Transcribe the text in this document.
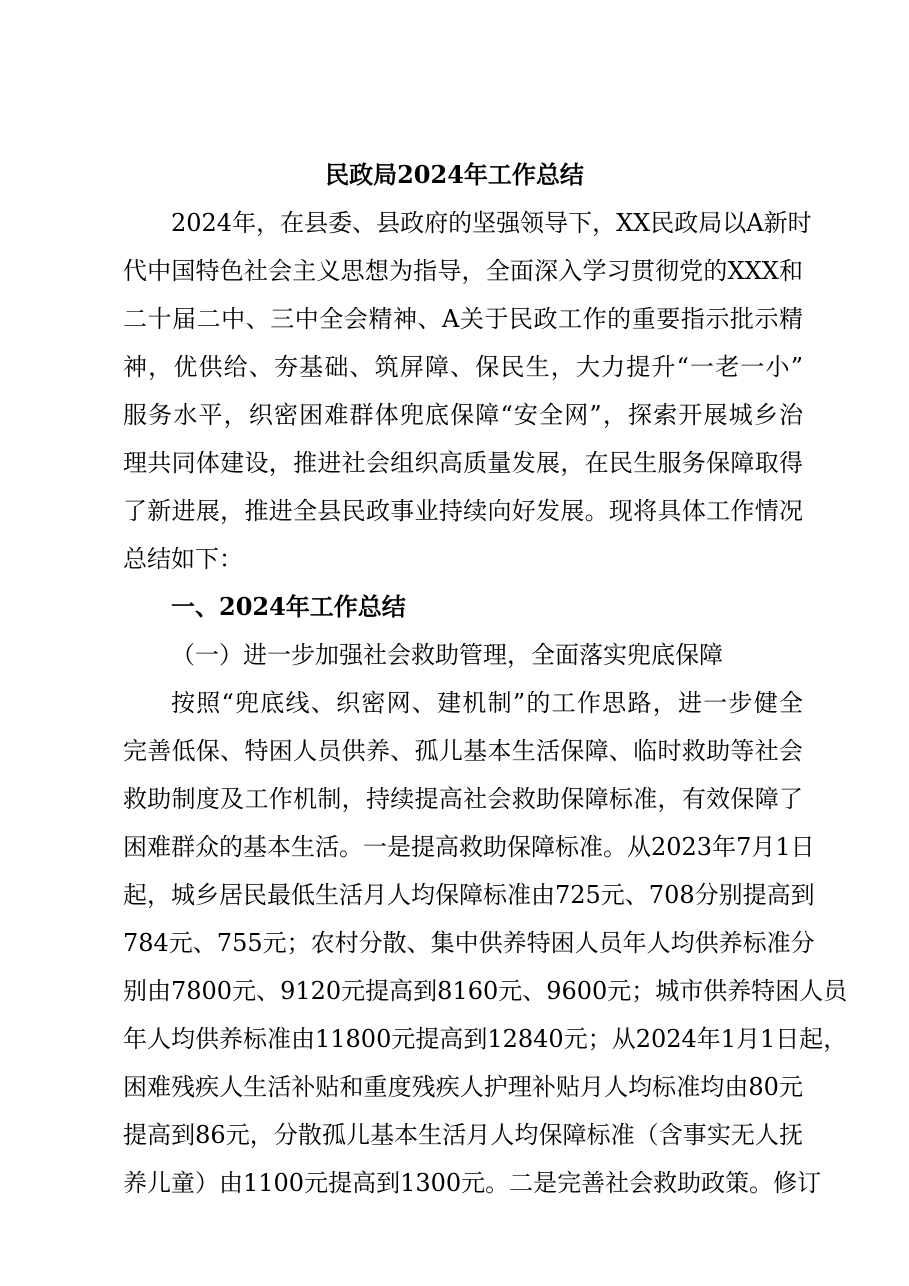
民政局2024年工作总结
2024年，在县委、县政府的坚强领导下，XX民政局以A新时
代中国特色社会主义思想为指导，全面深入学习贯彻党的XXX和
二十届二中、三中全会精神、A关于民政工作的重要指示批示精
神，优供给、夯基础、筑屏障、保民生，大力提升“一老一小”
服务水平，织密困难群体兜底保障“安全网”，探索开展城乡治
理共同体建设，推进社会组织高质量发展，在民生服务保障取得
了新进展，推进全县民政事业持续向好发展。现将具体工作情况
总结如下：
一、2024年工作总结
（一）进一步加强社会救助管理，全面落实兜底保障
按照“兜底线、织密网、建机制”的工作思路，进一步健全
完善低保、特困人员供养、孤儿基本生活保障、临时救助等社会
救助制度及工作机制，持续提高社会救助保障标准，有效保障了
困难群众的基本生活。一是提高救助保障标准。从2023年7月1日
起，城乡居民最低生活月人均保障标准由725元、708分别提高到
784元、755元；农村分散、集中供养特困人员年人均供养标准分
别由7800元、9120元提高到8160元、9600元；城市供养特困人员
年人均供养标准由11800元提高到12840元；从2024年1月1日起，
困难残疾人生活补贴和重度残疾人护理补贴月人均标准均由80元
提高到86元，分散孤儿基本生活月人均保障标准（含事实无人抚
养儿童）由1100元提高到1300元。二是完善社会救助政策。修订
